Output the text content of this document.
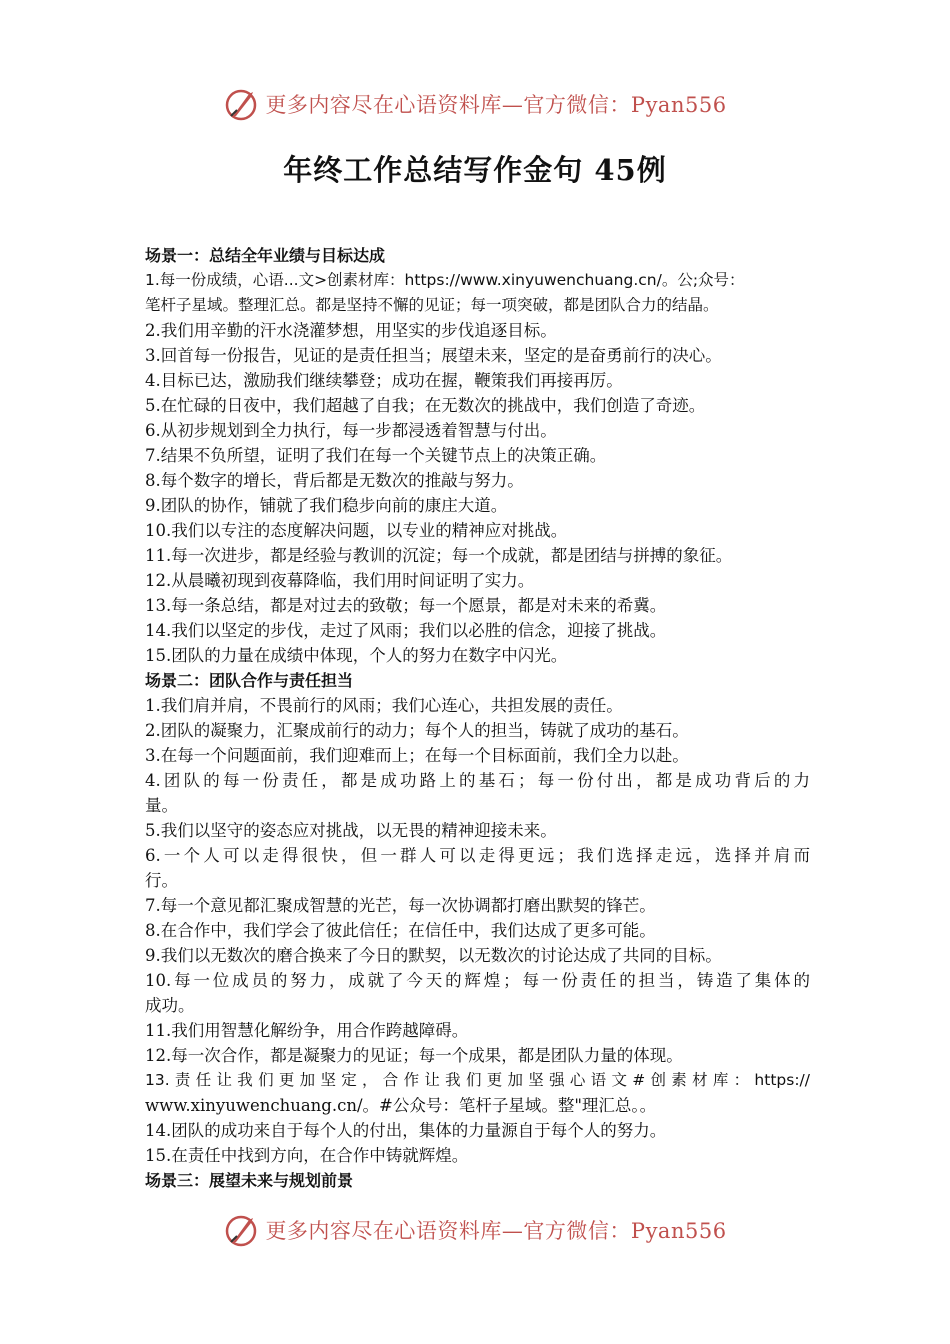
更多内容尽在心语资料库—官方微信：Pyan556
年终工作总结写作金句 45例
场景一：总结全年业绩与目标达成
1.每一份成绩，心语...文>创素材库：https://www.xinyuwenchuang.cn/。公;众号：
笔杆子星域。整理汇总。都是坚持不懈的见证；每一项突破，都是团队合力的结晶。
2.我们用辛勤的汗水浇灌梦想，用坚实的步伐追逐目标。
3.回首每一份报告，见证的是责任担当；展望未来，坚定的是奋勇前行的决心。
4.目标已达，激励我们继续攀登；成功在握，鞭策我们再接再厉。
5.在忙碌的日夜中，我们超越了自我；在无数次的挑战中，我们创造了奇迹。
6.从初步规划到全力执行，每一步都浸透着智慧与付出。
7.结果不负所望，证明了我们在每一个关键节点上的决策正确。
8.每个数字的增长，背后都是无数次的推敲与努力。
9.团队的协作，铺就了我们稳步向前的康庄大道。
10.我们以专注的态度解决问题，以专业的精神应对挑战。
11.每一次进步，都是经验与教训的沉淀；每一个成就，都是团结与拼搏的象征。
12.从晨曦初现到夜幕降临，我们用时间证明了实力。
13.每一条总结，都是对过去的致敬；每一个愿景，都是对未来的希冀。
14.我们以坚定的步伐，走过了风雨；我们以必胜的信念，迎接了挑战。
15.团队的力量在成绩中体现，个人的努力在数字中闪光。
场景二：团队合作与责任担当
1.我们肩并肩，不畏前行的风雨；我们心连心，共担发展的责任。
2.团队的凝聚力，汇聚成前行的动力；每个人的担当，铸就了成功的基石。
3.在每一个问题面前，我们迎难而上；在每一个目标面前，我们全力以赴。
4.团队的每一份责任，都是成功路上的基石；每一份付出，都是成功背后的力
量。
5.我们以坚守的姿态应对挑战，以无畏的精神迎接未来。
6.一个人可以走得很快，但一群人可以走得更远；我们选择走远，选择并肩而
行。
7.每一个意见都汇聚成智慧的光芒，每一次协调都打磨出默契的锋芒。
8.在合作中，我们学会了彼此信任；在信任中，我们达成了更多可能。
9.我们以无数次的磨合换来了今日的默契，以无数次的讨论达成了共同的目标。
10.每一位成员的努力，成就了今天的辉煌；每一份责任的担当，铸造了集体的
成功。
11.我们用智慧化解纷争，用合作跨越障碍。
12.每一次合作，都是凝聚力的见证；每一个成果，都是团队力量的体现。
13.责任让我们更加坚定，合作让我们更加坚强心语文#创素材库：https://
www.xinyuwenchuang.cn/。#公众号：笔杆子星域。整"理汇总。。
14.团队的成功来自于每个人的付出，集体的力量源自于每个人的努力。
15.在责任中找到方向，在合作中铸就辉煌。
场景三：展望未来与规划前景
更多内容尽在心语资料库—官方微信：Pyan556
